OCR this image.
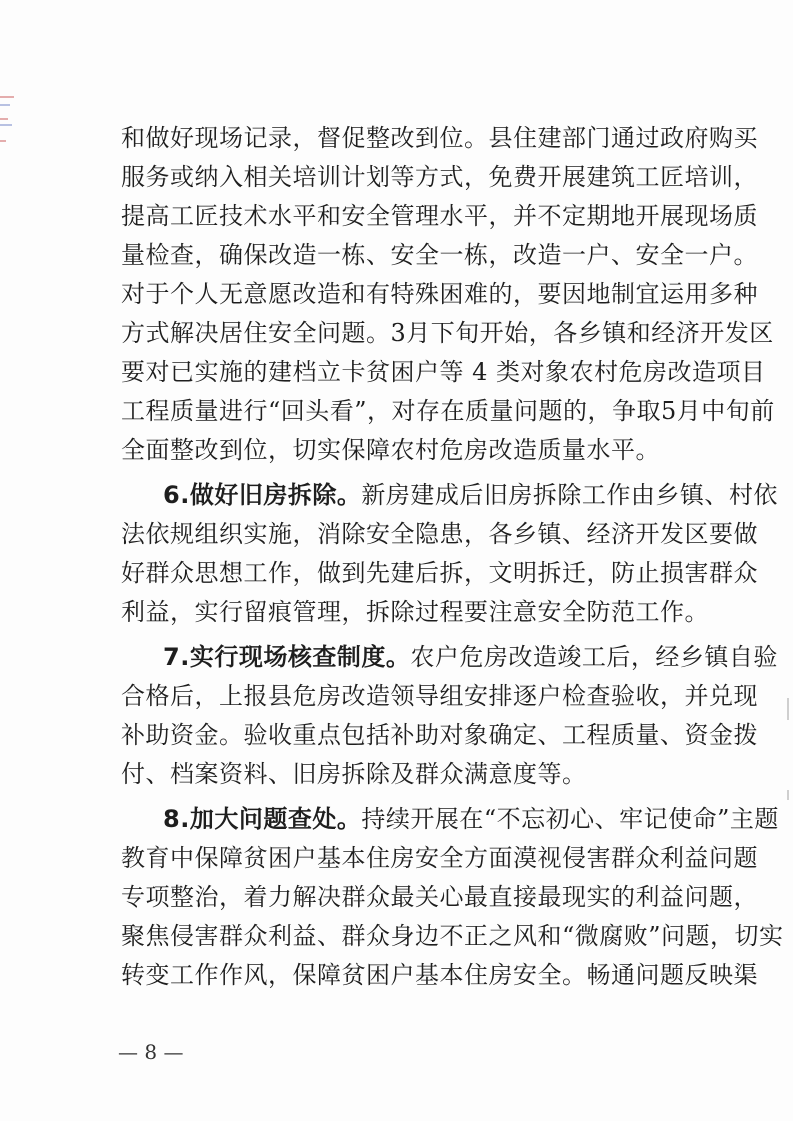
和做好现场记录，督促整改到位。县住建部门通过政府购买
服务或纳入相关培训计划等方式，免费开展建筑工匠培训，
提高工匠技术水平和安全管理水平，并不定期地开展现场质
量检查，确保改造一栋、安全一栋，改造一户、安全一户。
对于个人无意愿改造和有特殊困难的，要因地制宜运用多种
方式解决居住安全问题。3月下旬开始，各乡镇和经济开发区
要对已实施的建档立卡贫困户等 4 类对象农村危房改造项目
工程质量进行“回头看”，对存在质量问题的，争取5月中旬前
全面整改到位，切实保障农村危房改造质量水平。
6.做好旧房拆除。新房建成后旧房拆除工作由乡镇、村依
法依规组织实施，消除安全隐患，各乡镇、经济开发区要做
好群众思想工作，做到先建后拆，文明拆迁，防止损害群众
利益，实行留痕管理，拆除过程要注意安全防范工作。
7.实行现场核查制度。农户危房改造竣工后，经乡镇自验
合格后，上报县危房改造领导组安排逐户检查验收，并兑现
补助资金。验收重点包括补助对象确定、工程质量、资金拨
付、档案资料、旧房拆除及群众满意度等。
8.加大问题查处。持续开展在“不忘初心、牢记使命”主题
教育中保障贫困户基本住房安全方面漠视侵害群众利益问题
专项整治，着力解决群众最关心最直接最现实的利益问题，
聚焦侵害群众利益、群众身边不正之风和“微腐败”问题，切实
转变工作作风，保障贫困户基本住房安全。畅通问题反映渠
— 8 —
